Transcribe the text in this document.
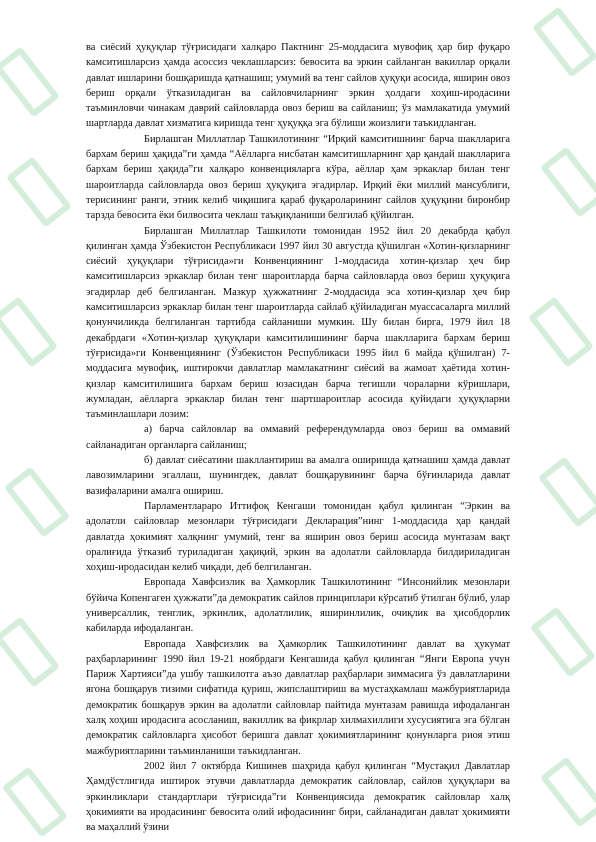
ва сиёсий ҳуқуқлар тўғрисидаги халқаро Пактнинг 25-моддасига мувофиқ ҳар бир фуқаро камситишларсиз ҳамда асоссиз чеклашларсиз: бевосита ва эркин сайланган вакиллар орқали давлат ишларини бошқаришда қатнашиш; умумий ва тенг сайлов ҳуқуқи асосида, яширин овоз бериш орқали ўтказиладиган ва сайловчиларнинг эркин ҳолдаги хоҳиш-иродасини таъминловчи чинакам даврий сайловларда овоз бериш ва сайланиш; ўз мамлакатида умумий шартларда давлат хизматига киришда тенг ҳуқуққа эга бўлиши жоизлиги таъкидланган.

Бирлашган Миллатлар Ташкилотининг “Ирқий камситишнинг барча шаклларига бархам бериш ҳақида”ги ҳамда “Аёлларга нисбатан камситишларнинг ҳар қандай шаклларига бархам бериш ҳақида”ги халқаро конвенцияларга кўра, аёллар ҳам эркаклар билан тенг шароитларда сайловларда овоз бериш ҳуқуқига эгадирлар. Ирқий ёки миллий мансублиги, терисининг ранги, этник келиб чиқишига қараб фуқароларининг сайлов ҳуқуқини биронбир тарзда бевосита ёки билвосита чеклаш таъқиқланиши белгилаб қўйилган.

Бирлашган Миллатлар Ташкилоти томонидан 1952 йил 20 декабрда қабул қилинган ҳамда Ўзбекистон Республикаси 1997 йил 30 августда қўшилган «Хотин-қизларнинг сиёсий ҳуқуқлари тўғрисида»ги Конвенциянинг 1-моддасида хотин-қизлар ҳеч бир камситишларсиз эркаклар билан тенг шароитларда барча сайловларда овоз бериш ҳуқуқига эгадирлар деб белгиланган. Мазкур ҳужжатнинг 2-моддасида эса хотин-қизлар ҳеч бир камситишларсиз эркаклар билан тенг шароитларда сайлаб қўйиладиган муассасаларга миллий қонунчиликда белгиланган тартибда сайланиши мумкин. Шу билан бирга, 1979 йил 18 декабрдаги «Хотин-қизлар ҳуқуқлари камситилишининг барча шаклларига бархам бериш тўғрисида»ги Конвенциянинг (Ўзбекистон Республикаси 1995 йил 6 майда қўшилган) 7-моддасига мувофиқ, иштирокчи давлатлар мамлакатнинг сиёсий ва жамоат ҳаётида хотин-қизлар камситилишига бархам бериш юзасидан барча тегишли чораларни кўришлари, жумладан, аёлларга эркаклар билан тенг шартшароитлар асосида қуйидаги ҳуқуқларни таъминлашлари лозим:

а) барча сайловлар ва оммавий референдумларда овоз бериш ва оммавий сайланадиган органларга сайланиш;

б) давлат сиёсатини шакллантириш ва амалга оширишда қатнашиш ҳамда давлат лавозимларини эгаллаш, шунингдек, давлат бошқарувининг барча бўғинларида давлат вазифаларини амалга ошириш.

Парламентлараро Иттифоқ Кенгаши томонидан қабул қилинган “Эркин ва адолатли сайловлар мезонлари тўғрисидаги Декларация”нинг 1-моддасида ҳар қандай давлатда ҳокимият халқнинг умумий, тенг ва яширин овоз бериш асосида мунтазам вақт оралиғида ўтказиб туриладиган ҳақиқий, эркин ва адолатли сайловларда билдириладиган хоҳиш-иродасидан келиб чиқади, деб белгиланган.

Европада Хавфсизлик ва Ҳамкорлик Ташкилотининг “Инсонийлик мезонлари бўйича Копенгаген ҳужжати”да демократик сайлов принциплари кўрсатиб ўтилган бўлиб, улар универсаллик, тенглик, эркинлик, адолатлилик, яширинлилик, очиқлик ва ҳисобдорлик кабиларда ифодаланган.

Европада Хавфсизлик ва Ҳамкорлик Ташкилотининг давлат ва ҳукумат раҳбарларининг 1990 йил 19-21 ноябрдаги Кенгашида қабул қилинган “Янги Европа учун Париж Хартияси”да ушбу ташкилотга аъзо давлатлар раҳбарлари зиммасига ўз давлатларини ягона бошқарув тизими сифатида қуриш, жипслаштириш ва мустаҳкамлаш мажбуриятларида демократик бошқарув эркин ва адолатли сайловлар пайтида мунтазам равишда ифодаланган халқ хоҳиш иродасига асосланиш, вакиллик ва фикрлар хилмахиллиги хусусиятига эга бўлган демократик сайловларга ҳисобот беришга давлат ҳокимиятларининг қонунларга риоя этиш мажбуриятларини таъминланиши таъкидланган.

2002 йил 7 октябрда Кишинев шаҳрида қабул қилинган “Мустақил Давлатлар Ҳамдўстлигида иштирок этувчи давлатларда демократик сайловлар, сайлов ҳуқуқлари ва эркинликлари стандартлари тўғрисида”ги Конвенциясида демократик сайловлар халқ ҳокимияти ва иродасининг бевосита олий ифодасининг бири, сайланадиган давлат ҳокимияти ва маҳаллий ўзини
